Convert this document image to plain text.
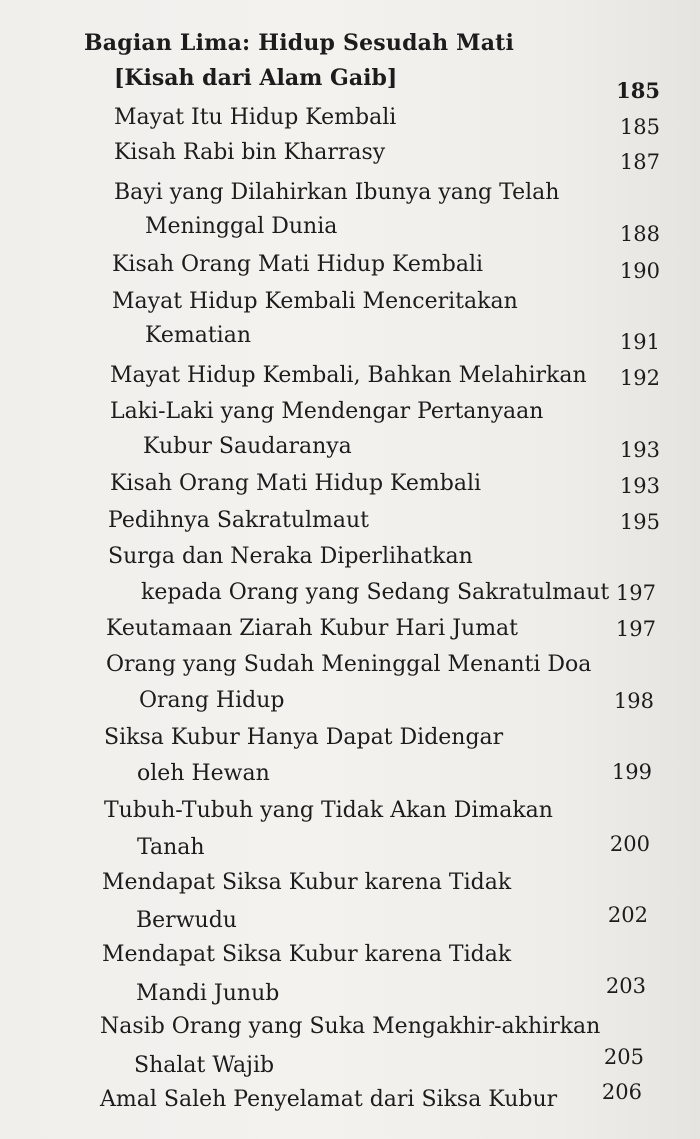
Bagian Lima: Hidup Sesudah Mati
[Kisah dari Alam Gaib]	185
Mayat Itu Hidup Kembali	185
Kisah Rabi bin Kharrasy	187
Bayi yang Dilahirkan Ibunya yang Telah
Meninggal Dunia	188
Kisah Orang Mati Hidup Kembali	190
Mayat Hidup Kembali Menceritakan
Kematian	191
Mayat Hidup Kembali, Bahkan Melahirkan	192
Laki-Laki yang Mendengar Pertanyaan
Kubur Saudaranya	193
Kisah Orang Mati Hidup Kembali	193
Pedihnya Sakratulmaut	195
Surga dan Neraka Diperlihatkan
kepada Orang yang Sedang Sakratulmaut 197
Keutamaan Ziarah Kubur Hari Jumat	197
Orang yang Sudah Meninggal Menanti Doa
Orang Hidup	198
Siksa Kubur Hanya Dapat Didengar
oleh Hewan	199
Tubuh-Tubuh yang Tidak Akan Dimakan
Tanah	200
Mendapat Siksa Kubur karena Tidak
Berwudu	202
Mendapat Siksa Kubur karena Tidak
Mandi Junub	203
Nasib Orang yang Suka Mengakhir-akhirkan
Shalat Wajib	205
Amal Saleh Penyelamat dari Siksa Kubur	206
